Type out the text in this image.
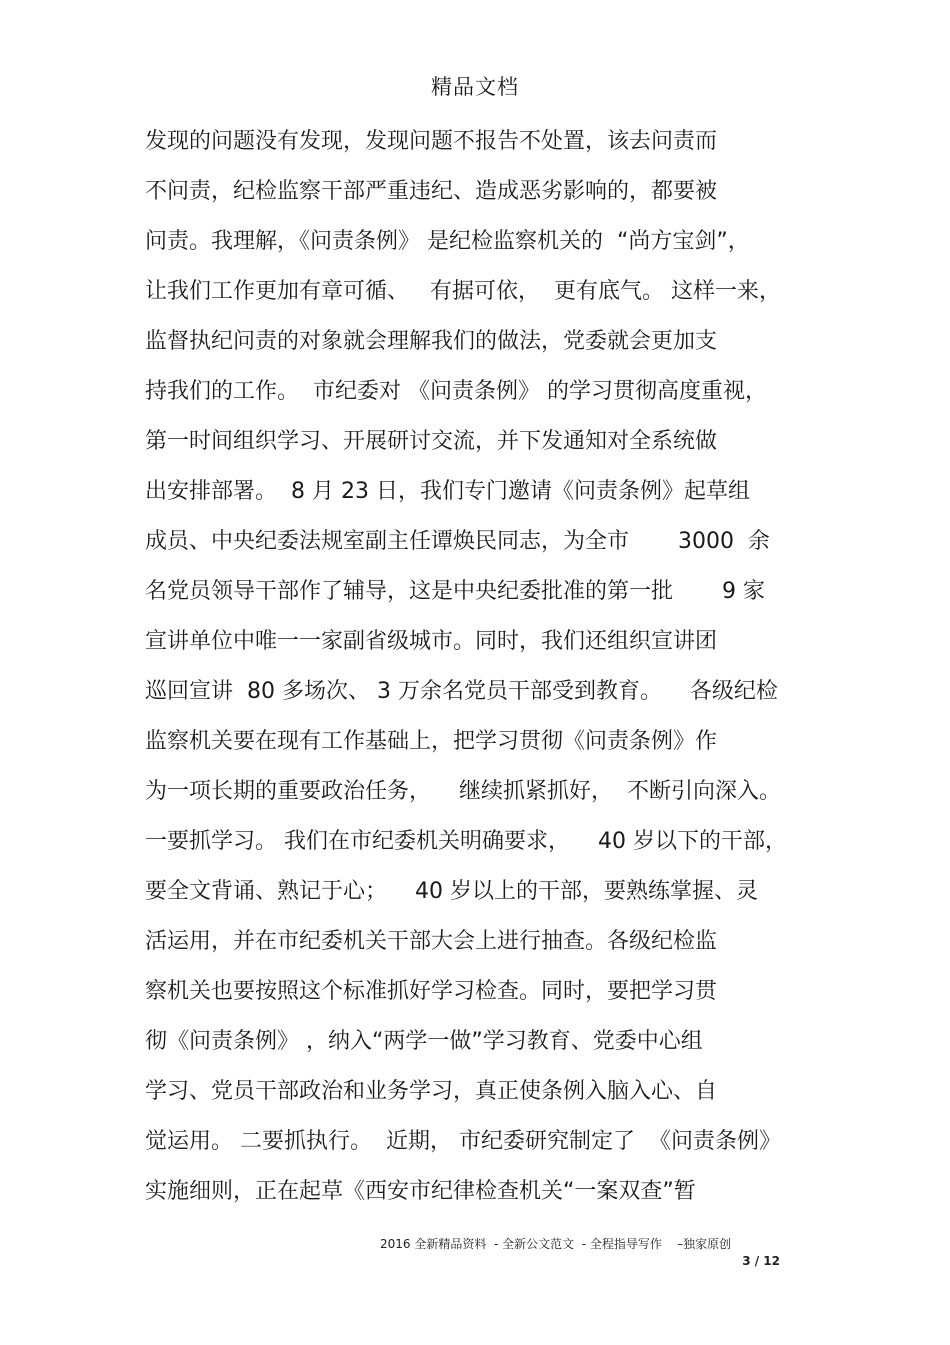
精品文档
发现的问题没有发现，发现问题不报告不处置，该去问责而
不问责，纪检监察干部严重违纪、造成恶劣影响的，都要被
问责。我理解，《问责条例》 是纪检监察机关的  “尚方宝剑”，
让我们工作更加有章可循、   有据可依，  更有底气。 这样一来，
监督执纪问责的对象就会理解我们的做法，党委就会更加支
持我们的工作。  市纪委对 《问责条例》 的学习贯彻高度重视，
第一时间组织学习、开展研讨交流，并下发通知对全系统做
出安排部署。  8 月 23 日，我们专门邀请《问责条例》起草组
成员、中央纪委法规室副主任谭焕民同志，为全市       3000  余
名党员领导干部作了辅导，这是中央纪委批准的第一批       9 家
宣讲单位中唯一一家副省级城市。同时，我们还组织宣讲团
巡回宣讲  80 多场次、 3 万余名党员干部受到教育。    各级纪检
监察机关要在现有工作基础上，把学习贯彻《问责条例》作
为一项长期的重要政治任务，    继续抓紧抓好，  不断引向深入。
一要抓学习。 我们在市纪委机关明确要求，    40 岁以下的干部，
要全文背诵、熟记于心；    40 岁以上的干部，要熟练掌握、灵
活运用，并在市纪委机关干部大会上进行抽查。各级纪检监
察机关也要按照这个标准抓好学习检查。同时，要把学习贯
彻《问责条例》 ，纳入“两学一做”学习教育、党委中心组
学习、党员干部政治和业务学习，真正使条例入脑入心、自
觉运用。 二要抓执行。  近期， 市纪委研究制定了  《问责条例》
实施细则，正在起草《西安市纪律检查机关“一案双查”暂
2016 全新精品资料  - 全新公文范文  - 全程指导写作    –独家原创
3 / 12
